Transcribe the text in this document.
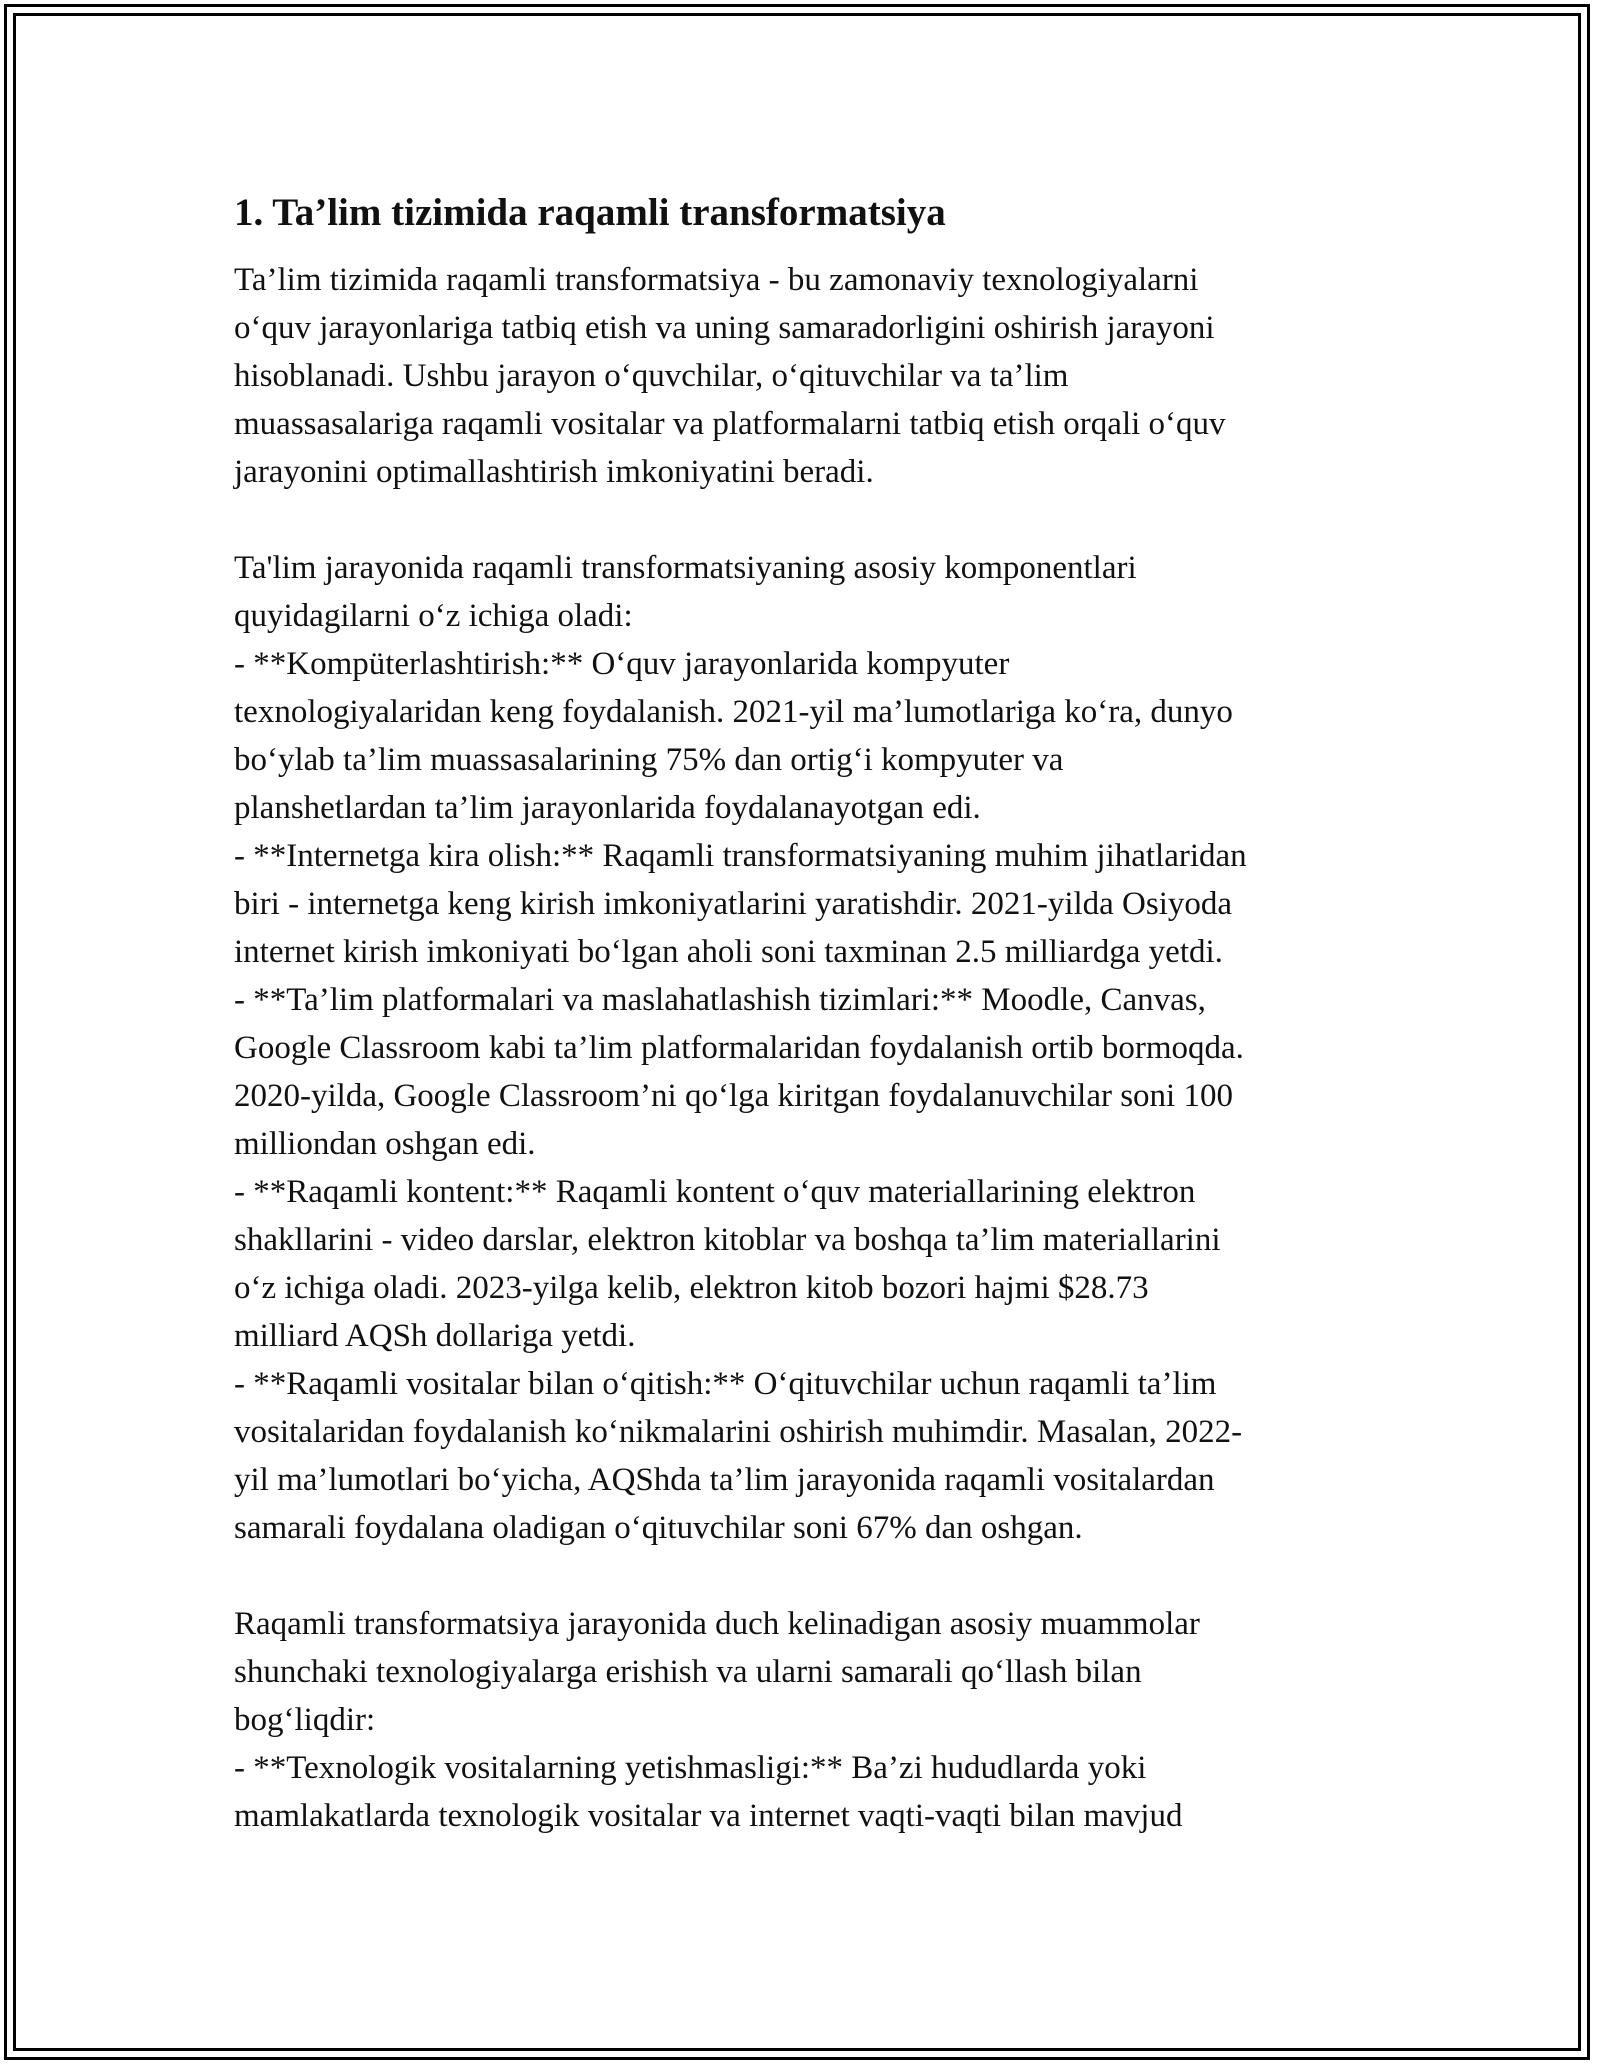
1. Ta’lim tizimida raqamli transformatsiya
Ta’lim tizimida raqamli transformatsiya - bu zamonaviy texnologiyalarni
o‘quv jarayonlariga tatbiq etish va uning samaradorligini oshirish jarayoni
hisoblanadi. Ushbu jarayon o‘quvchilar, o‘qituvchilar va ta’lim
muassasalariga raqamli vositalar va platformalarni tatbiq etish orqali o‘quv
jarayonini optimallashtirish imkoniyatini beradi.
Ta'lim jarayonida raqamli transformatsiyaning asosiy komponentlari
quyidagilarni o‘z ichiga oladi:
- **Kompüterlashtirish:** O‘quv jarayonlarida kompyuter
texnologiyalaridan keng foydalanish. 2021-yil ma’lumotlariga ko‘ra, dunyo
bo‘ylab ta’lim muassasalarining 75% dan ortig‘i kompyuter va
planshetlardan ta’lim jarayonlarida foydalanayotgan edi.
- **Internetga kira olish:** Raqamli transformatsiyaning muhim jihatlaridan
biri - internetga keng kirish imkoniyatlarini yaratishdir. 2021-yilda Osiyoda
internet kirish imkoniyati bo‘lgan aholi soni taxminan 2.5 milliardga yetdi.
- **Ta’lim platformalari va maslahatlashish tizimlari:** Moodle, Canvas,
Google Classroom kabi ta’lim platformalaridan foydalanish ortib bormoqda.
2020-yilda, Google Classroom’ni qo‘lga kiritgan foydalanuvchilar soni 100
milliondan oshgan edi.
- **Raqamli kontent:** Raqamli kontent o‘quv materiallarining elektron
shakllarini - video darslar, elektron kitoblar va boshqa ta’lim materiallarini
o‘z ichiga oladi. 2023-yilga kelib, elektron kitob bozori hajmi $28.73
milliard AQSh dollariga yetdi.
- **Raqamli vositalar bilan o‘qitish:** O‘qituvchilar uchun raqamli ta’lim
vositalaridan foydalanish ko‘nikmalarini oshirish muhimdir. Masalan, 2022-
yil ma’lumotlari bo‘yicha, AQShda ta’lim jarayonida raqamli vositalardan
samarali foydalana oladigan o‘qituvchilar soni 67% dan oshgan.
Raqamli transformatsiya jarayonida duch kelinadigan asosiy muammolar
shunchaki texnologiyalarga erishish va ularni samarali qo‘llash bilan
bog‘liqdir:
- **Texnologik vositalarning yetishmasligi:** Ba’zi hududlarda yoki
mamlakatlarda texnologik vositalar va internet vaqti-vaqti bilan mavjud
